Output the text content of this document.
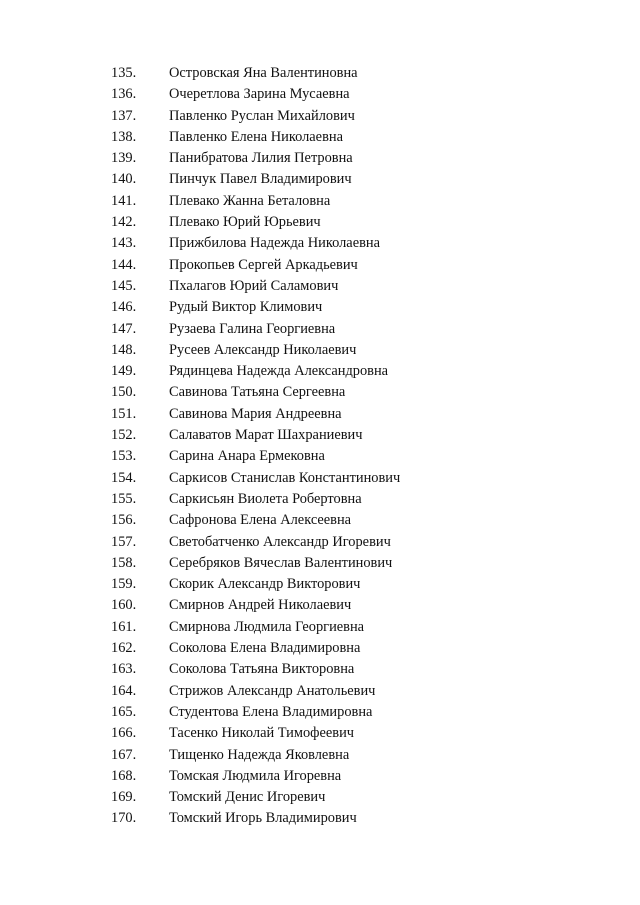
135. Островская Яна Валентиновна
136. Очеретлова Зарина Мусаевна
137. Павленко Руслан Михайлович
138. Павленко Елена Николаевна
139. Панибратова Лилия Петровна
140. Пинчук Павел Владимирович
141. Плевако Жанна Беталовна
142. Плевако Юрий Юрьевич
143. Прижбилова Надежда Николаевна
144. Прокопьев Сергей Аркадьевич
145. Пхалагов Юрий Саламович
146. Рудый Виктор Климович
147. Рузаева Галина Георгиевна
148. Русеев Александр Николаевич
149. Рядинцева Надежда Александровна
150. Савинова Татьяна Сергеевна
151. Савинова Мария Андреевна
152. Салаватов Марат Шахраниевич
153. Сарина Анара Ермековна
154. Саркисов Станислав Константинович
155. Саркисьян Виолета Робертовна
156. Сафронова Елена Алексеевна
157. Светобатченко Александр Игоревич
158. Серебряков Вячеслав Валентинович
159. Скорик Александр Викторович
160. Смирнов Андрей Николаевич
161. Смирнова Людмила Георгиевна
162. Соколова Елена Владимировна
163. Соколова Татьяна Викторовна
164. Стрижов Александр Анатольевич
165. Студентова Елена Владимировна
166. Тасенко Николай Тимофеевич
167. Тищенко Надежда Яковлевна
168. Томская Людмила Игоревна
169. Томский Денис Игоревич
170. Томский Игорь Владимирович
